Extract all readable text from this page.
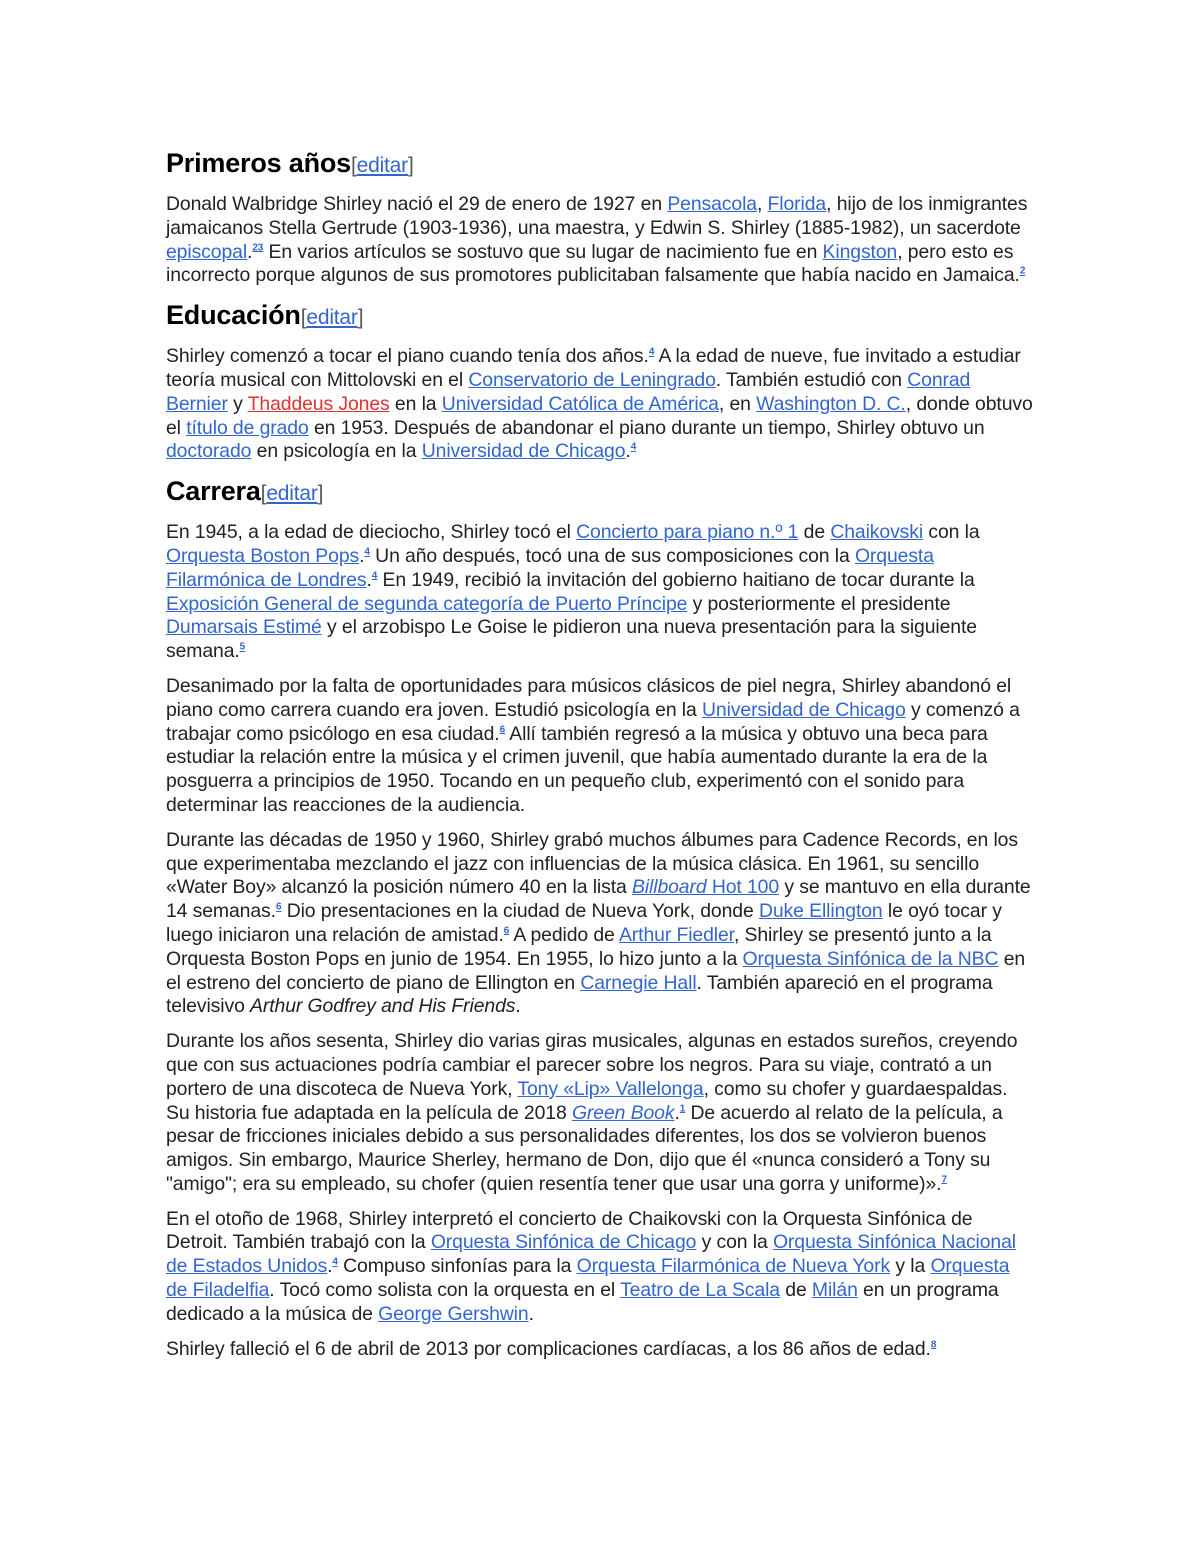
Primeros años[editar]

Donald Walbridge Shirley nació el 29 de enero de 1927 en Pensacola, Florida, hijo de los inmigrantes jamaicanos Stella Gertrude (1903-1936), una maestra, y Edwin S. Shirley (1885-1982), un sacerdote episcopal.$^{23}$ En varios artículos se sostuvo que su lugar de nacimiento fue en Kingston, pero esto es incorrecto porque algunos de sus promotores publicitaban falsamente que había nacido en Jamaica.$^2$

Educación[editar]

Shirley comenzó a tocar el piano cuando tenía dos años.$^4$ A la edad de nueve, fue invitado a estudiar teoría musical con Mittolovski en el Conservatorio de Leningrado. También estudió con Conrad Bernier y Thaddeus Jones en la Universidad Católica de América, en Washington D. C., donde obtuvo el título de grado en 1953. Después de abandonar el piano durante un tiempo, Shirley obtuvo un doctorado en psicología en la Universidad de Chicago.$^4$

Carrera[editar]

En 1945, a la edad de dieciocho, Shirley tocó el Concierto para piano n.º 1 de Chaikovski con la Orquesta Boston Pops.$^4$ Un año después, tocó una de sus composiciones con la Orquesta Filarmónica de Londres.$^4$ En 1949, recibió la invitación del gobierno haitiano de tocar durante la Exposición General de segunda categoría de Puerto Príncipe y posteriormente el presidente Dumarsais Estimé y el arzobispo Le Goise le pidieron una nueva presentación para la siguiente semana.$^5$

Desanimado por la falta de oportunidades para músicos clásicos de piel negra, Shirley abandonó el piano como carrera cuando era joven. Estudió psicología en la Universidad de Chicago y comenzó a trabajar como psicólogo en esa ciudad.$^6$ Allí también regresó a la música y obtuvo una beca para estudiar la relación entre la música y el crimen juvenil, que había aumentado durante la era de la posguerra a principios de 1950. Tocando en un pequeño club, experimentó con el sonido para determinar las reacciones de la audiencia.

Durante las décadas de 1950 y 1960, Shirley grabó muchos álbumes para Cadence Records, en los que experimentaba mezclando el jazz con influencias de la música clásica. En 1961, su sencillo «Water Boy» alcanzó la posición número 40 en la lista Billboard Hot 100 y se mantuvo en ella durante 14 semanas.$^6$ Dio presentaciones en la ciudad de Nueva York, donde Duke Ellington le oyó tocar y luego iniciaron una relación de amistad.$^6$ A pedido de Arthur Fiedler, Shirley se presentó junto a la Orquesta Boston Pops en junio de 1954. En 1955, lo hizo junto a la Orquesta Sinfónica de la NBC en el estreno del concierto de piano de Ellington en Carnegie Hall. También apareció en el programa televisivo Arthur Godfrey and His Friends.

Durante los años sesenta, Shirley dio varias giras musicales, algunas en estados sureños, creyendo que con sus actuaciones podría cambiar el parecer sobre los negros. Para su viaje, contrató a un portero de una discoteca de Nueva York, Tony «Lip» Vallelonga, como su chofer y guardaespaldas. Su historia fue adaptada en la película de 2018 Green Book.$^1$ De acuerdo al relato de la película, a pesar de fricciones iniciales debido a sus personalidades diferentes, los dos se volvieron buenos amigos. Sin embargo, Maurice Sherley, hermano de Don, dijo que él «nunca consideró a Tony su "amigo"; era su empleado, su chofer (quien resentía tener que usar una gorra y uniforme)».$^7$

En el otoño de 1968, Shirley interpretó el concierto de Chaikovski con la Orquesta Sinfónica de Detroit. También trabajó con la Orquesta Sinfónica de Chicago y con la Orquesta Sinfónica Nacional de Estados Unidos.$^4$ Compuso sinfonías para la Orquesta Filarmónica de Nueva York y la Orquesta de Filadelfia. Tocó como solista con la orquesta en el Teatro de La Scala de Milán en un programa dedicado a la música de George Gershwin.

Shirley falleció el 6 de abril de 2013 por complicaciones cardíacas, a los 86 años de edad.$^8$
